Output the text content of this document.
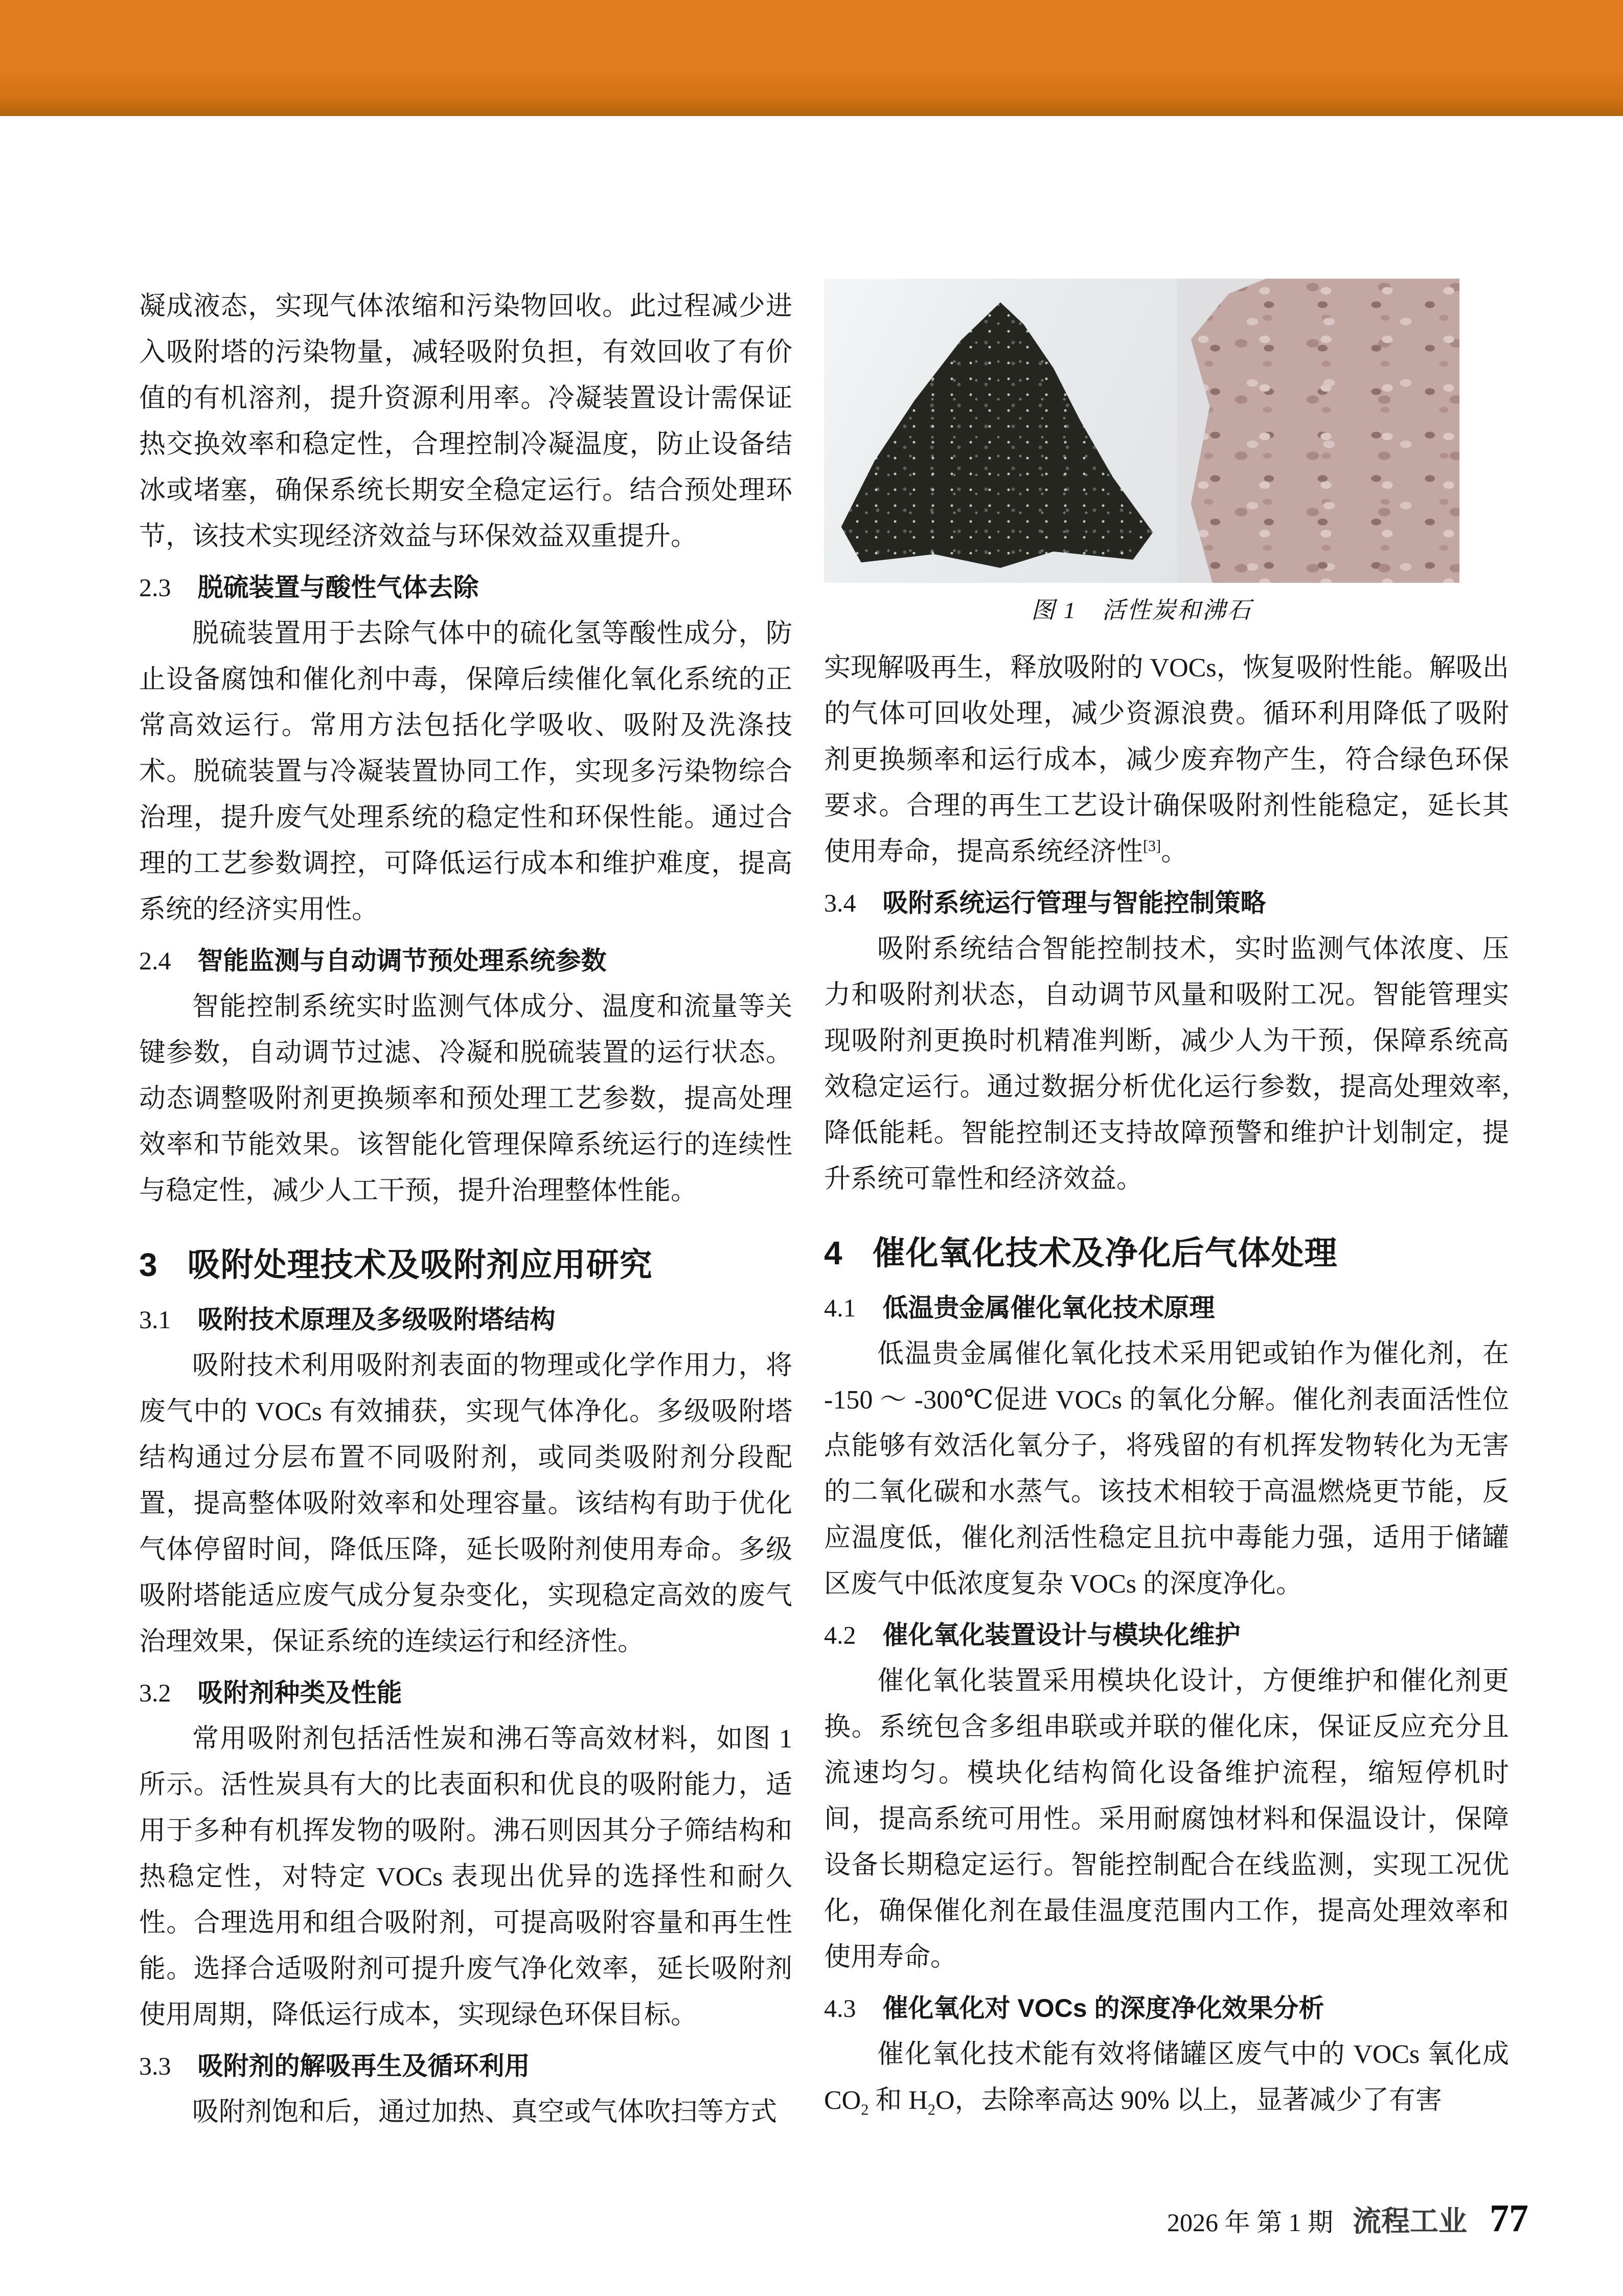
凝成液态，实现气体浓缩和污染物回收。此过程减少进入吸附塔的污染物量，减轻吸附负担，有效回收了有价值的有机溶剂，提升资源利用率。冷凝装置设计需保证热交换效率和稳定性，合理控制冷凝温度，防止设备结冰或堵塞，确保系统长期安全稳定运行。结合预处理环节，该技术实现经济效益与环保效益双重提升。

2.3 脱硫装置与酸性气体去除

脱硫装置用于去除气体中的硫化氢等酸性成分，防止设备腐蚀和催化剂中毒，保障后续催化氧化系统的正常高效运行。常用方法包括化学吸收、吸附及洗涤技术。脱硫装置与冷凝装置协同工作，实现多污染物综合治理，提升废气处理系统的稳定性和环保性能。通过合理的工艺参数调控，可降低运行成本和维护难度，提高系统的经济实用性。

2.4 智能监测与自动调节预处理系统参数

智能控制系统实时监测气体成分、温度和流量等关键参数，自动调节过滤、冷凝和脱硫装置的运行状态。动态调整吸附剂更换频率和预处理工艺参数，提高处理效率和节能效果。该智能化管理保障系统运行的连续性与稳定性，减少人工干预，提升治理整体性能。

3 吸附处理技术及吸附剂应用研究
3.1 吸附技术原理及多级吸附塔结构

吸附技术利用吸附剂表面的物理或化学作用力，将废气中的 VOCs 有效捕获，实现气体净化。多级吸附塔结构通过分层布置不同吸附剂，或同类吸附剂分段配置，提高整体吸附效率和处理容量。该结构有助于优化气体停留时间，降低压降，延长吸附剂使用寿命。多级吸附塔能适应废气成分复杂变化，实现稳定高效的废气治理效果，保证系统的连续运行和经济性。

3.2 吸附剂种类及性能

常用吸附剂包括活性炭和沸石等高效材料，如图 1 所示。活性炭具有大的比表面积和优良的吸附能力，适用于多种有机挥发物的吸附。沸石则因其分子筛结构和热稳定性，对特定 VOCs 表现出优异的选择性和耐久性。合理选用和组合吸附剂，可提高吸附容量和再生性能。选择合适吸附剂可提升废气净化效率，延长吸附剂使用周期，降低运行成本，实现绿色环保目标。

3.3 吸附剂的解吸再生及循环利用

吸附剂饱和后，通过加热、真空或气体吹扫等方式

图 1　活性炭和沸石

实现解吸再生，释放吸附的 VOCs，恢复吸附性能。解吸出的气体可回收处理，减少资源浪费。循环利用降低了吸附剂更换频率和运行成本，减少废弃物产生，符合绿色环保要求。合理的再生工艺设计确保吸附剂性能稳定，延长其使用寿命，提高系统经济性[3]。

3.4 吸附系统运行管理与智能控制策略

吸附系统结合智能控制技术，实时监测气体浓度、压力和吸附剂状态，自动调节风量和吸附工况。智能管理实现吸附剂更换时机精准判断，减少人为干预，保障系统高效稳定运行。通过数据分析优化运行参数，提高处理效率,降低能耗。智能控制还支持故障预警和维护计划制定，提升系统可靠性和经济效益。

4 催化氧化技术及净化后气体处理
4.1 低温贵金属催化氧化技术原理

低温贵金属催化氧化技术采用钯或铂作为催化剂，在 -150 ～ -300℃促进 VOCs 的氧化分解。催化剂表面活性位点能够有效活化氧分子，将残留的有机挥发物转化为无害的二氧化碳和水蒸气。该技术相较于高温燃烧更节能，反应温度低，催化剂活性稳定且抗中毒能力强，适用于储罐区废气中低浓度复杂 VOCs 的深度净化。

4.2 催化氧化装置设计与模块化维护

催化氧化装置采用模块化设计，方便维护和催化剂更换。系统包含多组串联或并联的催化床，保证反应充分且流速均匀。模块化结构简化设备维护流程，缩短停机时间，提高系统可用性。采用耐腐蚀材料和保温设计，保障设备长期稳定运行。智能控制配合在线监测，实现工况优化，确保催化剂在最佳温度范围内工作，提高处理效率和使用寿命。

4.3 催化氧化对 VOCs 的深度净化效果分析

催化氧化技术能有效将储罐区废气中的 VOCs 氧化成 $CO_2$ 和 $H_2O$，去除率高达 90% 以上，显著减少了有害

2026 年 第 1 期 流程工业 77
